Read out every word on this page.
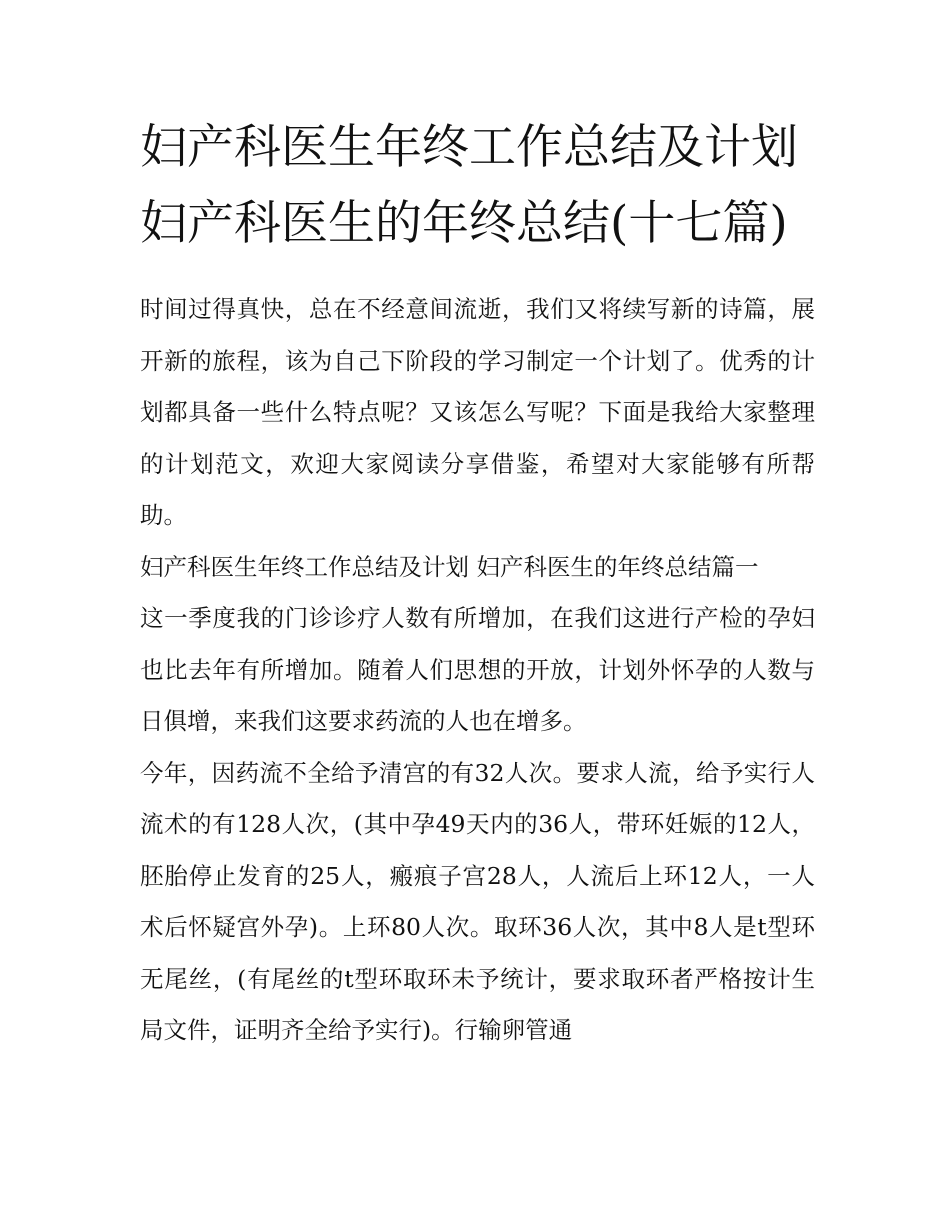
妇产科医生年终工作总结及计划 妇产科医生的年终总结(十七篇)

时间过得真快，总在不经意间流逝，我们又将续写新的诗篇，展开新的旅程，该为自己下阶段的学习制定一个计划了。优秀的计划都具备一些什么特点呢？又该怎么写呢？下面是我给大家整理的计划范文，欢迎大家阅读分享借鉴，希望对大家能够有所帮助。

妇产科医生年终工作总结及计划 妇产科医生的年终总结篇一

这一季度我的门诊诊疗人数有所增加，在我们这进行产检的孕妇也比去年有所增加。随着人们思想的开放，计划外怀孕的人数与日俱增，来我们这要求药流的人也在增多。

今年，因药流不全给予清宫的有32人次。要求人流，给予实行人流术的有128人次，(其中孕49天内的36人，带环妊娠的12人，胚胎停止发育的25人，瘢痕子宫28人，人流后上环12人，一人术后怀疑宫外孕)。上环80人次。取环36人次，其中8人是t型环无尾丝，(有尾丝的t型环取环未予统计，要求取环者严格按计生局文件，证明齐全给予实行)。行输卵管通
